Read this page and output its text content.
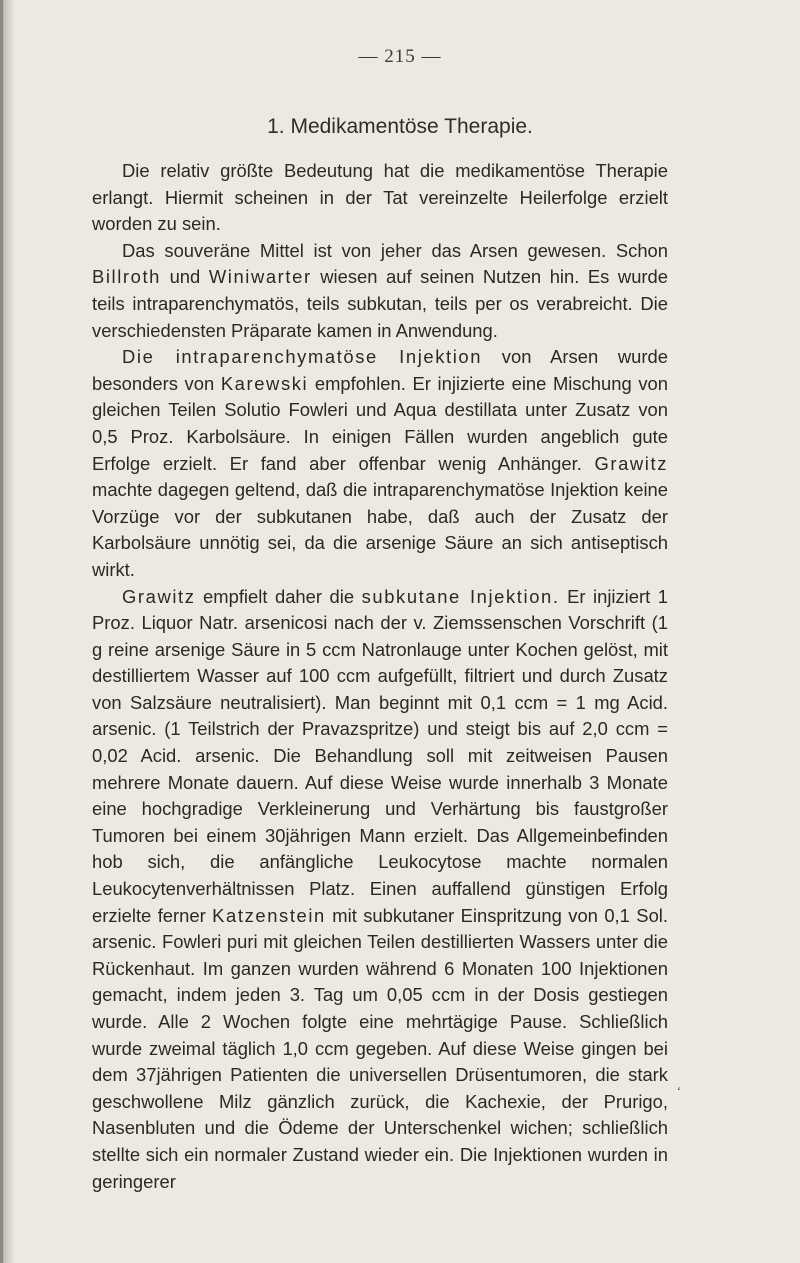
— 215 —
1. Medikamentöse Therapie.

Die relativ größte Bedeutung hat die medikamentöse Therapie erlangt. Hiermit scheinen in der Tat vereinzelte Heilerfolge erzielt worden zu sein.

Das souveräne Mittel ist von jeher das Arsen gewesen. Schon Billroth und Winiwarter wiesen auf seinen Nutzen hin. Es wurde teils intraparenchymatös, teils subkutan, teils per os verabreicht. Die verschiedensten Präparate kamen in Anwendung.

Die intraparenchymatöse Injektion von Arsen wurde besonders von Karewski empfohlen. Er injizierte eine Mischung von gleichen Teilen Solutio Fowleri und Aqua destillata unter Zusatz von 0,5 Proz. Karbolsäure. In einigen Fällen wurden angeblich gute Erfolge erzielt. Er fand aber offenbar wenig Anhänger. Grawitz machte dagegen geltend, daß die intraparenchymatöse Injektion keine Vorzüge vor der subkutanen habe, daß auch der Zusatz der Karbolsäure unnötig sei, da die arsenige Säure an sich antiseptisch wirkt.

Grawitz empfielt daher die subkutane Injektion. Er injiziert 1 Proz. Liquor Natr. arsenicosi nach der v. Ziemssenschen Vorschrift (1 g reine arsenige Säure in 5 ccm Natronlauge unter Kochen gelöst, mit destilliertem Wasser auf 100 ccm aufgefüllt, filtriert und durch Zusatz von Salzsäure neutralisiert). Man beginnt mit 0,1 ccm = 1 mg Acid. arsenic. (1 Teilstrich der Pravazspritze) und steigt bis auf 2,0 ccm = 0,02 Acid. arsenic. Die Behandlung soll mit zeitweisen Pausen mehrere Monate dauern. Auf diese Weise wurde innerhalb 3 Monate eine hochgradige Verkleinerung und Verhärtung bis faustgroßer Tumoren bei einem 30jährigen Mann erzielt. Das Allgemeinbefinden hob sich, die anfängliche Leukocytose machte normalen Leukocytenverhältnissen Platz. Einen auffallend günstigen Erfolg erzielte ferner Katzenstein mit subkutaner Einspritzung von 0,1 Sol. arsenic. Fowleri puri mit gleichen Teilen destillierten Wassers unter die Rückenhaut. Im ganzen wurden während 6 Monaten 100 Injektionen gemacht, indem jeden 3. Tag um 0,05 ccm in der Dosis gestiegen wurde. Alle 2 Wochen folgte eine mehrtägige Pause. Schließlich wurde zweimal täglich 1,0 ccm gegeben. Auf diese Weise gingen bei dem 37jährigen Patienten die universellen Drüsentumoren, die stark geschwollene Milz gänzlich zurück, die Kachexie, der Prurigo, Nasenbluten und die Ödeme der Unterschenkel wichen; schließlich stellte sich ein normaler Zustand wieder ein. Die Injektionen wurden in geringerer

‘
